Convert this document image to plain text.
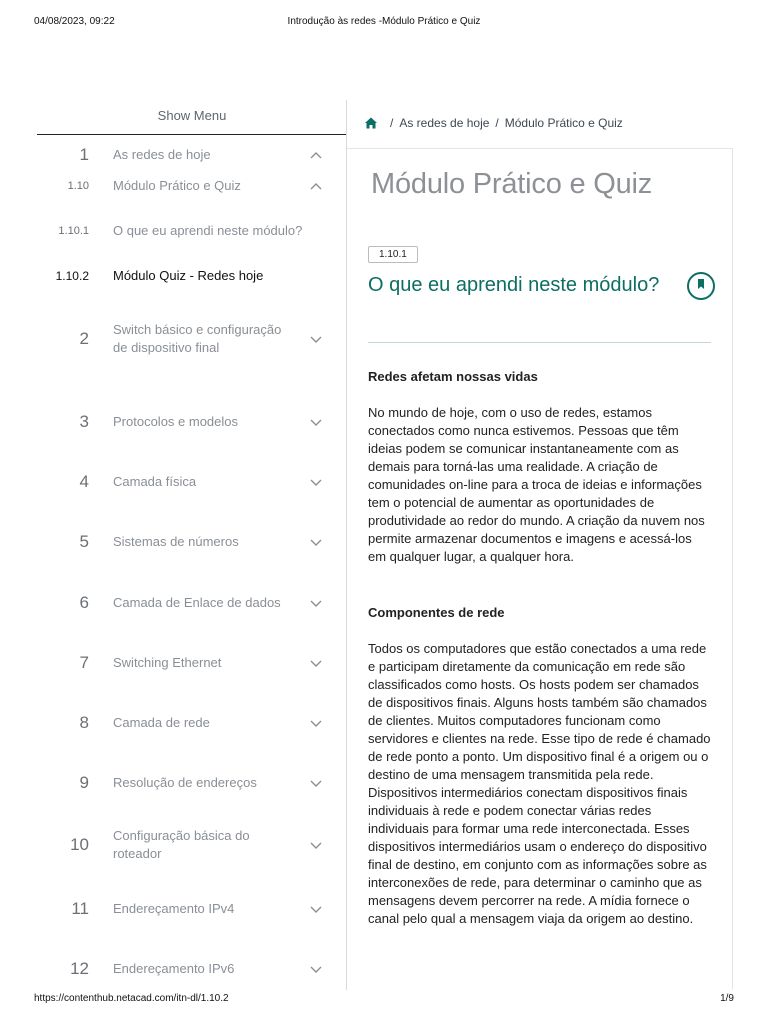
04/08/2023, 09:22	Introdução às redes -Módulo Prático e Quiz
Show Menu
1 As redes de hoje
1.10 Módulo Prático e Quiz
1.10.1 O que eu aprendi neste módulo?
1.10.2 Módulo Quiz - Redes hoje
2 Switch básico e configuração de dispositivo final
3 Protocolos e modelos
4 Camada física
5 Sistemas de números
6 Camada de Enlace de dados
7 Switching Ethernet
8 Camada de rede
9 Resolução de endereços
10 Configuração básica do roteador
11 Endereçamento IPv4
12 Endereçamento IPv6
/ As redes de hoje / Módulo Prático e Quiz
Módulo Prático e Quiz
1.10.1
O que eu aprendi neste módulo?
Redes afetam nossas vidas
No mundo de hoje, com o uso de redes, estamos conectados como nunca estivemos. Pessoas que têm ideias podem se comunicar instantaneamente com as demais para torná-las uma realidade. A criação de comunidades on-line para a troca de ideias e informações tem o potencial de aumentar as oportunidades de produtividade ao redor do mundo. A criação da nuvem nos permite armazenar documentos e imagens e acessá-los em qualquer lugar, a qualquer hora.
Componentes de rede
Todos os computadores que estão conectados a uma rede e participam diretamente da comunicação em rede são classificados como hosts. Os hosts podem ser chamados de dispositivos finais. Alguns hosts também são chamados de clientes. Muitos computadores funcionam como servidores e clientes na rede. Esse tipo de rede é chamado de rede ponto a ponto. Um dispositivo final é a origem ou o destino de uma mensagem transmitida pela rede. Dispositivos intermediários conectam dispositivos finais individuais à rede e podem conectar várias redes individuais para formar uma rede interconectada. Esses dispositivos intermediários usam o endereço do dispositivo final de destino, em conjunto com as informações sobre as interconexões de rede, para determinar o caminho que as mensagens devem percorrer na rede. A mídia fornece o canal pelo qual a mensagem viaja da origem ao destino.
https://contenthub.netacad.com/itn-dl/1.10.2	1/9
